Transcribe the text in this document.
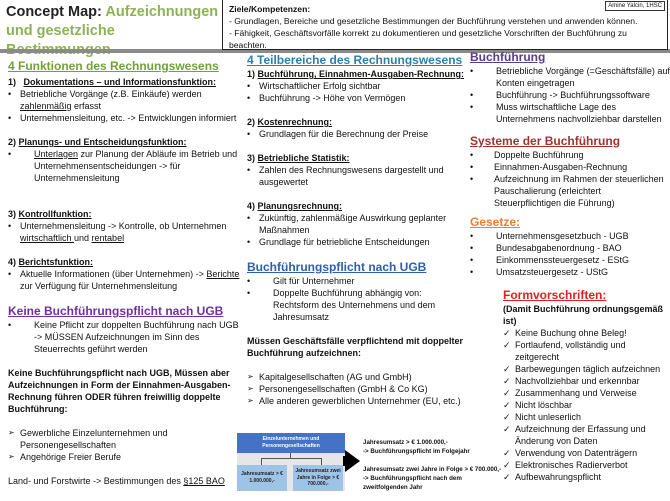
Concept Map: Aufzeichnungen und gesetzliche
Ziele/Kompetenzen:
- Grundlagen, Bereiche und gesetzliche Bestimmungen der Buchführung verstehen und anwenden können.
- Fähigkeit, Geschäftsvorfälle korrekt zu dokumentieren und gesetzliche Vorschriften der Buchführung zu beachten.
Amine Yalcin, 1HSC
4 Funktionen des Rechnungswesens
1) Dokumentations – und Informationsfunktion:
• Betriebliche Vorgänge (z.B. Einkäufe) werden zahlenmäßig erfasst
• Unternehmensleitung, etc. -> Entwicklungen informiert
2) Planungs- und Entscheidungsfunktion:
• Unterlagen zur Planung der Abläufe im Betrieb und Unternehmensentscheidungen -> für Unternehmensleitung
3) Kontrollfunktion:
• Unternehmensleitung -> Kontrolle, ob Unternehmen wirtschaftlich und rentabel
4) Berichtsfunktion:
• Aktuelle Informationen (über Unternehmen) -> Berichte zur Verfügung für Unternehmensleitung
Keine Buchführungspflicht nach UGB
• Keine Pflicht zur doppelten Buchführung nach UGB -> MÜSSEN Aufzeichnungen im Sinn des Steuerrechts geführt werden
Keine Buchführungspflicht nach UGB, Müssen aber Aufzeichnungen in Form der Einnahmen-Ausgaben-Rechnung führen ODER führen freiwillig doppelte Buchführung:
➢ Gewerbliche Einzelunternehmen und Personengesellschaften
➢ Angehörige Freier Berufe
Land- und Forstwirte -> Bestimmungen des §125 BAO
4 Teilbereiche des Rechnungswesens
1) Buchführung, Einnahmen-Ausgaben-Rechnung:
• Wirtschaftlicher Erfolg sichtbar
• Buchführung -> Höhe von Vermögen
2) Kostenrechnung:
• Grundlagen für die Berechnung der Preise
3) Betriebliche Statistik:
• Zahlen des Rechnungswesens dargestellt und ausgewertet
4) Planungsrechnung:
• Zukünftig, zahlenmäßige Auswirkung geplanter Maßnahmen
• Grundlage für betriebliche Entscheidungen
Buchführungspflicht nach UGB
• Gilt für Unternehmer
• Doppelte Buchführung abhängig von: Rechtsform des Unternehmens und dem Jahresumsatz
Müssen Geschäftsfälle verpflichtend mit doppelter Buchführung aufzeichnen:
➢ Kapitalgesellschaften (AG und GmbH)
➢ Personengesellschaften (GmbH & Co KG)
➢ Alle anderen gewerblichen Unternehmer (EU, etc.)
Einzelunternehmen und Personengesellschaften
Jahresumsatz > € 1.000.000,-
Jahresumsatz zwei Jahre in Folge > € 700.000,-
Jahresumsatz > € 1.000.000,-
-> Buchführungspflicht im Folgejahr
Jahresumsatz zwei Jahre in Folge > € 700.000,-
-> Buchführungspflicht nach dem zweitfolgenden Jahr
Buchführung
• Betriebliche Vorgänge (=Geschäftsfälle) auf Konten eingetragen
• Buchführung -> Buchführungssoftware
• Muss wirtschaftliche Lage des Unternehmens nachvollziehbar darstellen
Systeme der Buchführung
• Doppelte Buchführung
• Einnahmen-Ausgaben-Rechnung
• Aufzeichnung im Rahmen der steuerlichen Pauschalierung (erleichtert Steuerpflichtigen die Führung)
Gesetze:
• Unternehmensgesetzbuch - UGB
• Bundesabgabenordnung - BAO
• Einkommenssteuergesetz - EStG
• Umsatzsteuergesetz - UStG
Formvorschriften:
(Damit Buchführung ordnungsgemäß ist)
✓ Keine Buchung ohne Beleg!
✓ Fortlaufend, vollständig und zeitgerecht
✓ Barbewegungen täglich aufzeichnen
✓ Nachvollziehbar und erkennbar
✓ Zusammenhang und Verweise
✓ Nicht löschbar
✓ Nicht unleserlich
✓ Aufzeichnung der Erfassung und Änderung von Daten
✓ Verwendung von Datenträgern
✓ Elektronisches Radierverbot
✓ Aufbewahrungspflicht
